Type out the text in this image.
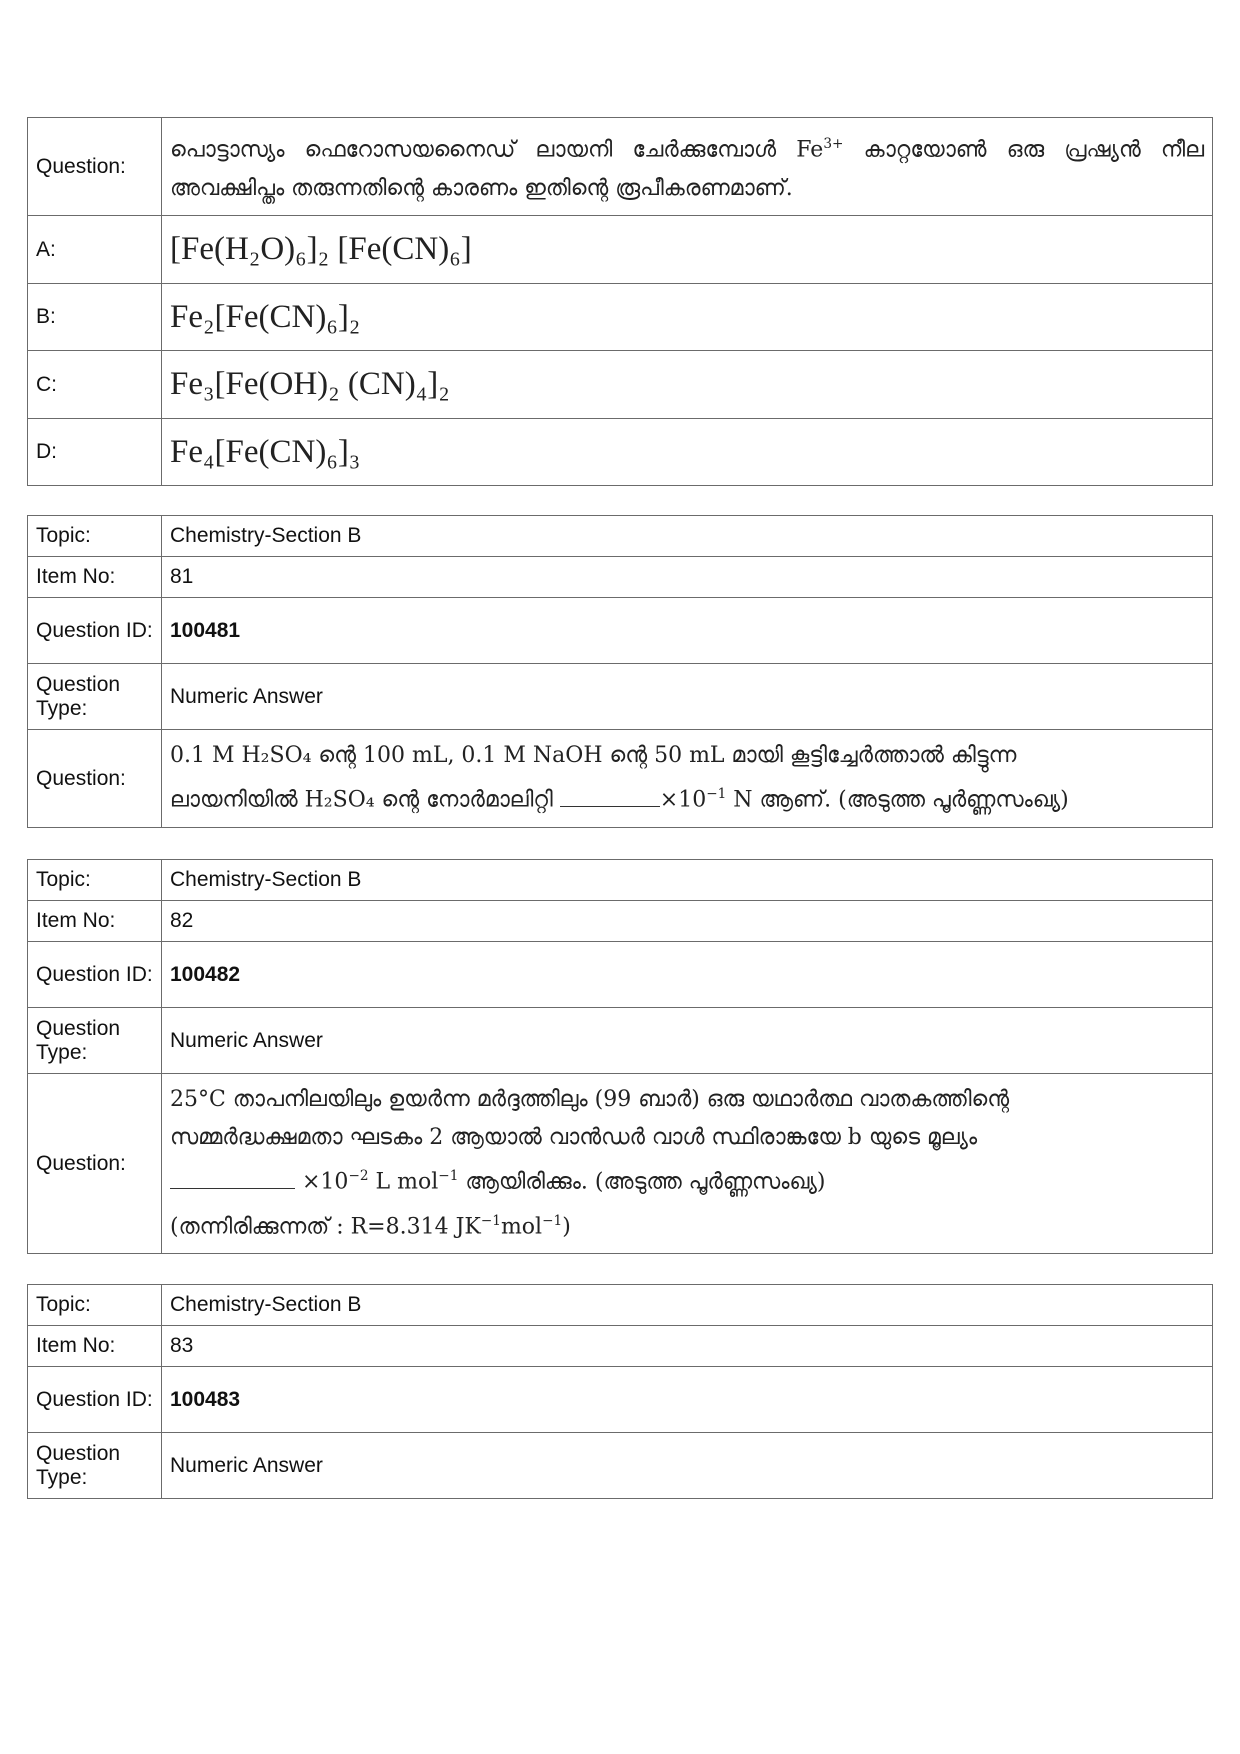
Question:	പൊട്ടാസ്യം ഫെറോസയനൈഡ് ലായനി ചേർക്കുമ്പോൾ $Fe^{3+}$ കാറ്റയോൺ ഒരു പ്രഷ്യൻ നീല അവക്ഷിപ്തം തരുന്നതിന്റെ കാരണം ഇതിന്റെ രൂപീകരണമാണ്.
A:	[Fe(H₂O)₆]₂ [Fe(CN)₆]
B:	Fe₂[Fe(CN)₆]₂
C:	Fe₃[Fe(OH)₂ (CN)₄]₂
D:	Fe₄[Fe(CN)₆]₃
Topic:	Chemistry-Section B
Item No:	81
Question ID:	100481
Question Type:	Numeric Answer
Question:	0.1 M H₂SO₄ ന്റെ 100 mL, 0.1 M NaOH ന്റെ 50 mL മായി കൂട്ടിച്ചേർത്താൽ കിട്ടുന്ന
ലായനിയിൽ H₂SO₄ ന്റെ നോർമാലിറ്റി $\times 10^{-1}$ N ആണ്. (അടുത്ത പൂർണ്ണസംഖ്യ)
Topic:	Chemistry-Section B
Item No:	82
Question ID:	100482
Question Type:	Numeric Answer
Question:	25°C താപനിലയിലും ഉയർന്ന മർദ്ദത്തിലും (99 ബാർ) ഒരു യഥാർത്ഥ വാതകത്തിന്റെ
സമ്മർദ്ധക്ഷമതാ ഘടകം 2 ആയാൽ വാൻഡർ വാൾ സ്ഥിരാങ്കയേ b യുടെ മൂല്യം
$\times 10^{-2}$ L mol$^{-1}$ ആയിരിക്കും. (അടുത്ത പൂർണ്ണസംഖ്യ)
(തന്നിരിക്കുന്നത് : R=8.314 $JK^{-1}mol^{-1}$)
Topic:	Chemistry-Section B
Item No:	83
Question ID:	100483
Question Type:	Numeric Answer
